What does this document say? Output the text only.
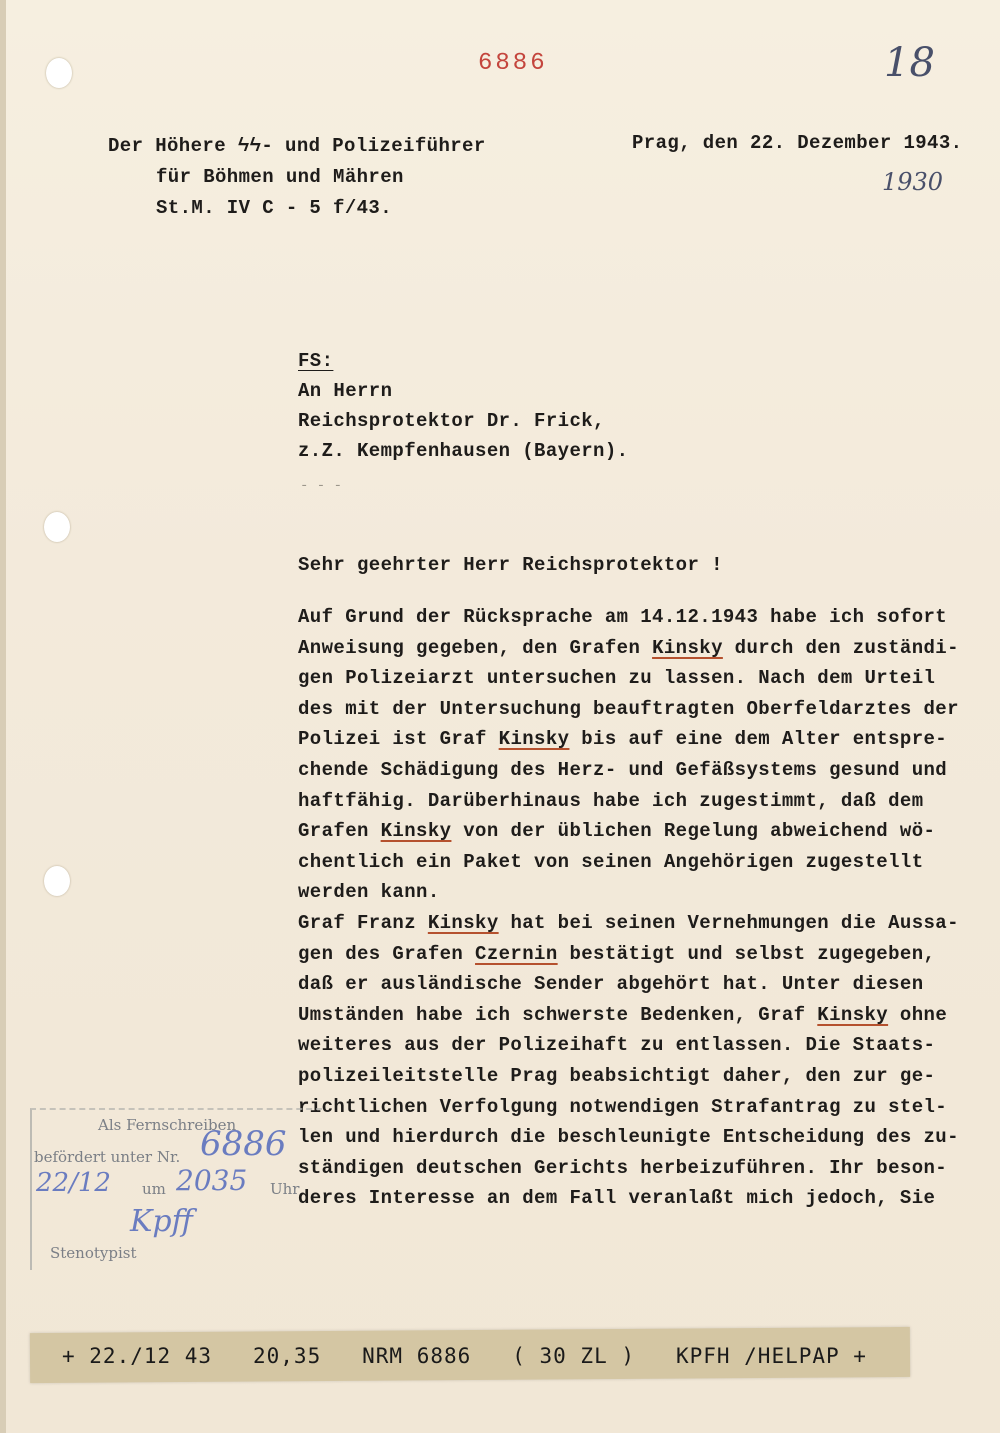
6886	18
Der Höhere ϟϟ- und Polizeiführer
für Böhmen und Mähren
St.M. IV C - 5 f/43.
Prag, den 22. Dezember 1943.
1930
FS:
An Herrn
Reichsprotektor Dr. Frick,
z.Z. Kempfenhausen (Bayern).
- - -
Sehr geehrter Herr Reichsprotektor !
Auf Grund der Rücksprache am 14.12.1943 habe ich sofort
Anweisung gegeben, den Grafen Kinsky durch den zuständi-
gen Polizeiarzt untersuchen zu lassen. Nach dem Urteil
des mit der Untersuchung beauftragten Oberfeldarztes der
Polizei ist Graf Kinsky bis auf eine dem Alter entspre-
chende Schädigung des Herz- und Gefäßsystems gesund und
haftfähig. Darüberhinaus habe ich zugestimmt, daß dem
Grafen Kinsky von der üblichen Regelung abweichend wö-
chentlich ein Paket von seinen Angehörigen zugestellt
werden kann.
Graf Franz Kinsky hat bei seinen Vernehmungen die Aussa-
gen des Grafen Czernin bestätigt und selbst zugegeben,
daß er ausländische Sender abgehört hat. Unter diesen
Umständen habe ich schwerste Bedenken, Graf Kinsky ohne
weiteres aus der Polizeihaft zu entlassen. Die Staats-
polizeileitstelle Prag beabsichtigt daher, den zur ge-
richtlichen Verfolgung notwendigen Strafantrag zu stel-
len und hierdurch die beschleunigte Entscheidung des zu-
ständigen deutschen Gerichts herbeizuführen. Ihr beson-
deres Interesse an dem Fall veranlaßt mich jedoch, Sie
Als Fernschreiben
befördert unter Nr. 6886
22/12 um 2035 Uhr
Kpff
Stenotypist
+ 22./12 43   20,35   NRM 6886   ( 30 ZL )   KPFH /HELPAP +
